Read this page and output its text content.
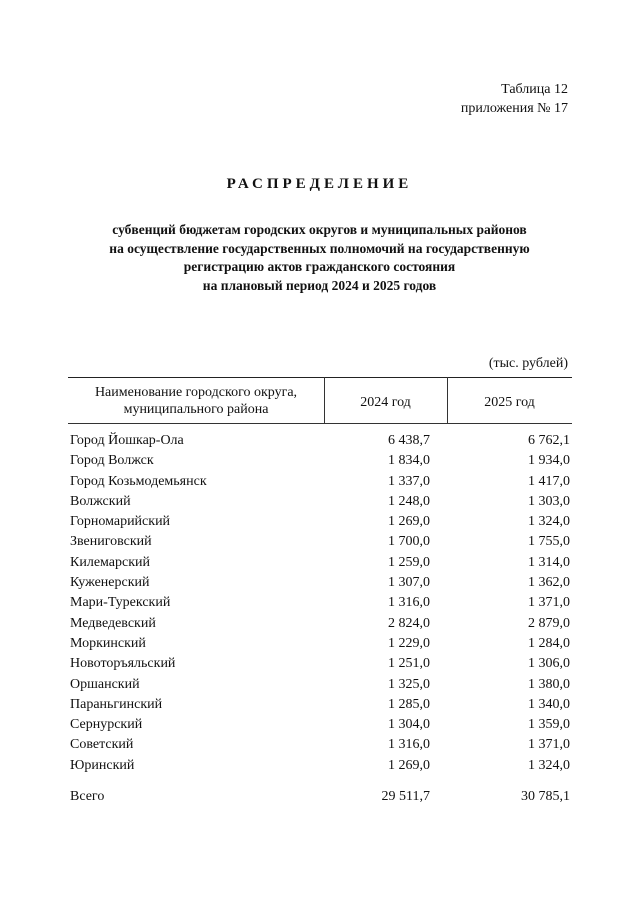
Таблица 12
приложения № 17
РАСПРЕДЕЛЕНИЕ
субвенций бюджетам городских округов и муниципальных районов
на осуществление государственных полномочий на государственную
регистрацию актов гражданского состояния
на плановый период 2024 и 2025 годов
(тыс. рублей)
Наименование городского округа,
муниципального района	2024 год	2025 год
Город Йошкар-Ола	6 438,7	6 762,1
Город Волжск	1 834,0	1 934,0
Город Козьмодемьянск	1 337,0	1 417,0
Волжский	1 248,0	1 303,0
Горномарийский	1 269,0	1 324,0
Звениговский	1 700,0	1 755,0
Килемарский	1 259,0	1 314,0
Куженерский	1 307,0	1 362,0
Мари-Турекский	1 316,0	1 371,0
Медведевский	2 824,0	2 879,0
Моркинский	1 229,0	1 284,0
Новоторъяльский	1 251,0	1 306,0
Оршанский	1 325,0	1 380,0
Параньгинский	1 285,0	1 340,0
Сернурский	1 304,0	1 359,0
Советский	1 316,0	1 371,0
Юринский	1 269,0	1 324,0
Всего	29 511,7	30 785,1
